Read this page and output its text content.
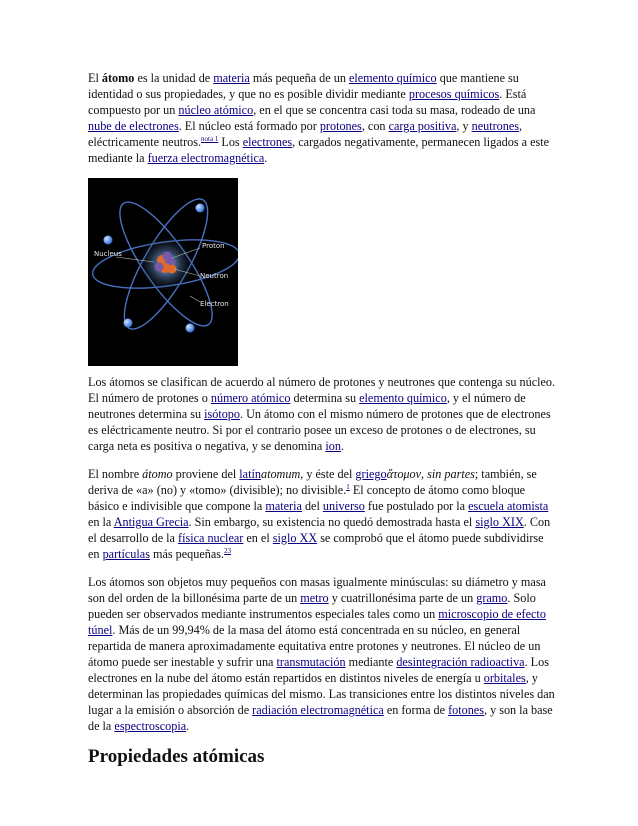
El átomo es la unidad de materia más pequeña de un elemento químico que mantiene su identidad o sus propiedades, y que no es posible dividir mediante procesos químicos. Está compuesto por un núcleo atómico, en el que se concentra casi toda su masa, rodeado de una nube de electrones. El núcleo está formado por protones, con carga positiva, y neutrones, eléctricamente neutros.$^{nota 1}$ Los electrones, cargados negativamente, permanecen ligados a este mediante la fuerza electromagnética.

Nucleus
Proton
Neutron
Electron

Los átomos se clasifican de acuerdo al número de protones y neutrones que contenga su núcleo. El número de protones o número atómico determina su elemento químico, y el número de neutrones determina su isótopo. Un átomo con el mismo número de protones que de electrones es eléctricamente neutro. Si por el contrario posee un exceso de protones o de electrones, su carga neta es positiva o negativa, y se denomina ion.

El nombre átomo proviene del latínatomum, y éste del griegoἄτομον, sin partes; también, se deriva de «a» (no) y «tomo» (divisible); no divisible.$^1$ El concepto de átomo como bloque básico e indivisible que compone la materia del universo fue postulado por la escuela atomista en la Antigua Grecia. Sin embargo, su existencia no quedó demostrada hasta el siglo XIX. Con el desarrollo de la física nuclear en el siglo XX se comprobó que el átomo puede subdividirse en partículas más pequeñas.$^{23}$

Los átomos son objetos muy pequeños con masas igualmente minúsculas: su diámetro y masa son del orden de la billonésima parte de un metro y cuatrillonésima parte de un gramo. Solo pueden ser observados mediante instrumentos especiales tales como un microscopio de efecto túnel. Más de un 99,94% de la masa del átomo está concentrada en su núcleo, en general repartida de manera aproximadamente equitativa entre protones y neutrones. El núcleo de un átomo puede ser inestable y sufrir una transmutación mediante desintegración radioactiva. Los electrones en la nube del átomo están repartidos en distintos niveles de energía u orbitales, y determinan las propiedades químicas del mismo. Las transiciones entre los distintos niveles dan lugar a la emisión o absorción de radiación electromagnética en forma de fotones, y son la base de la espectroscopia.

Propiedades atómicas
